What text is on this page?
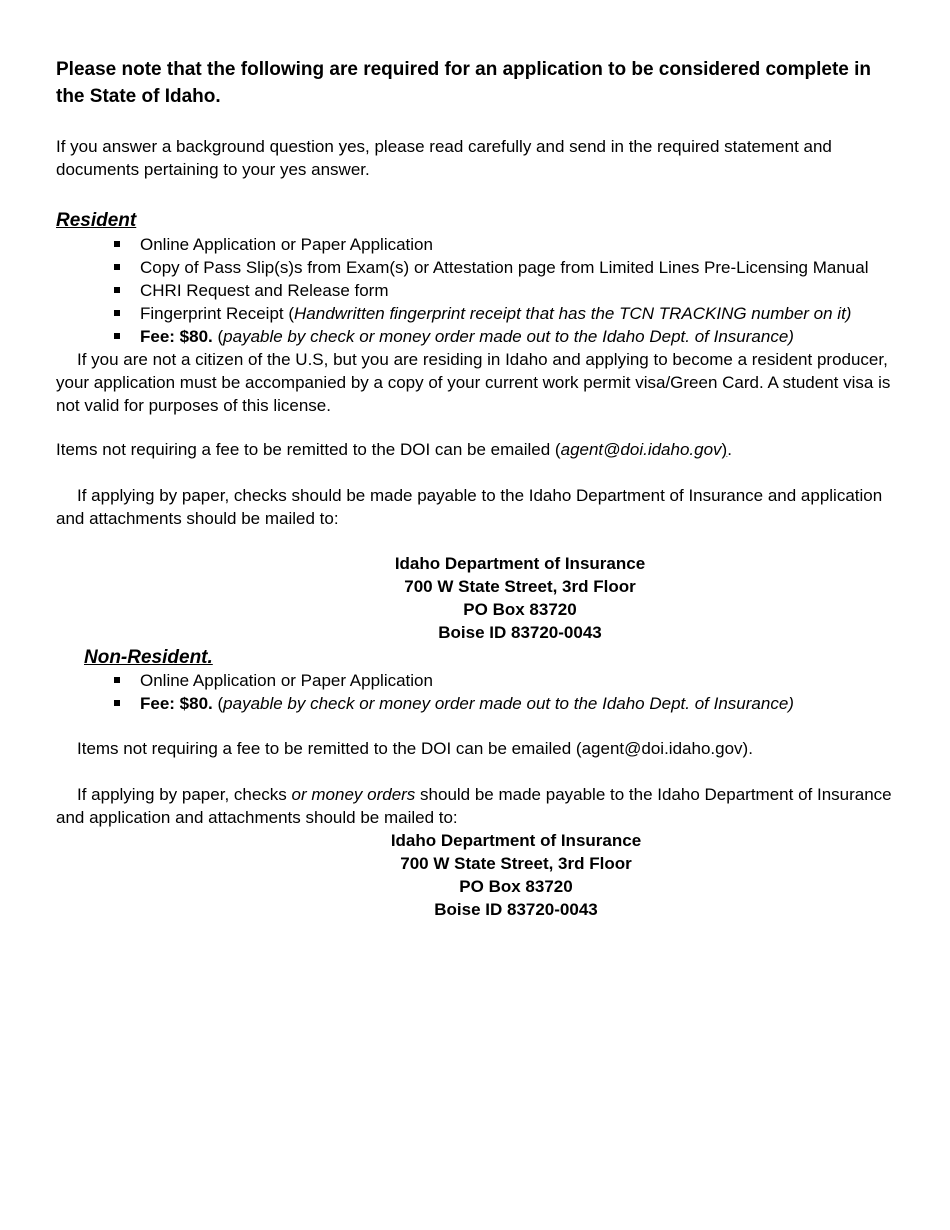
Please note that the following are required for an application to be considered complete in the State of Idaho.

If you answer a background question yes, please read carefully and send in the required statement and documents pertaining to your yes answer.

Resident
Online Application or Paper Application
Copy of Pass Slip(s)s from Exam(s) or Attestation page from Limited Lines Pre-Licensing Manual
CHRI Request and Release form
Fingerprint Receipt (Handwritten fingerprint receipt that has the TCN TRACKING number on it)
Fee: $80. (payable by check or money order made out to the Idaho Dept. of Insurance)

If you are not a citizen of the U.S, but you are residing in Idaho and applying to become a resident producer, your application must be accompanied by a copy of your current work permit visa/Green Card. A student visa is not valid for purposes of this license.

Items not requiring a fee to be remitted to the DOI can be emailed (agent@doi.idaho.gov).

If applying by paper, checks should be made payable to the Idaho Department of Insurance and application and attachments should be mailed to:

Idaho Department of Insurance
700 W State Street, 3rd Floor
PO Box 83720
Boise ID 83720-0043
Non-Resident.
Online Application or Paper Application
Fee: $80. (payable by check or money order made out to the Idaho Dept. of Insurance)

Items not requiring a fee to be remitted to the DOI can be emailed (agent@doi.idaho.gov).

If applying by paper, checks or money orders should be made payable to the Idaho Department of Insurance and application and attachments should be mailed to:

Idaho Department of Insurance
700 W State Street, 3rd Floor
PO Box 83720
Boise ID 83720-0043
